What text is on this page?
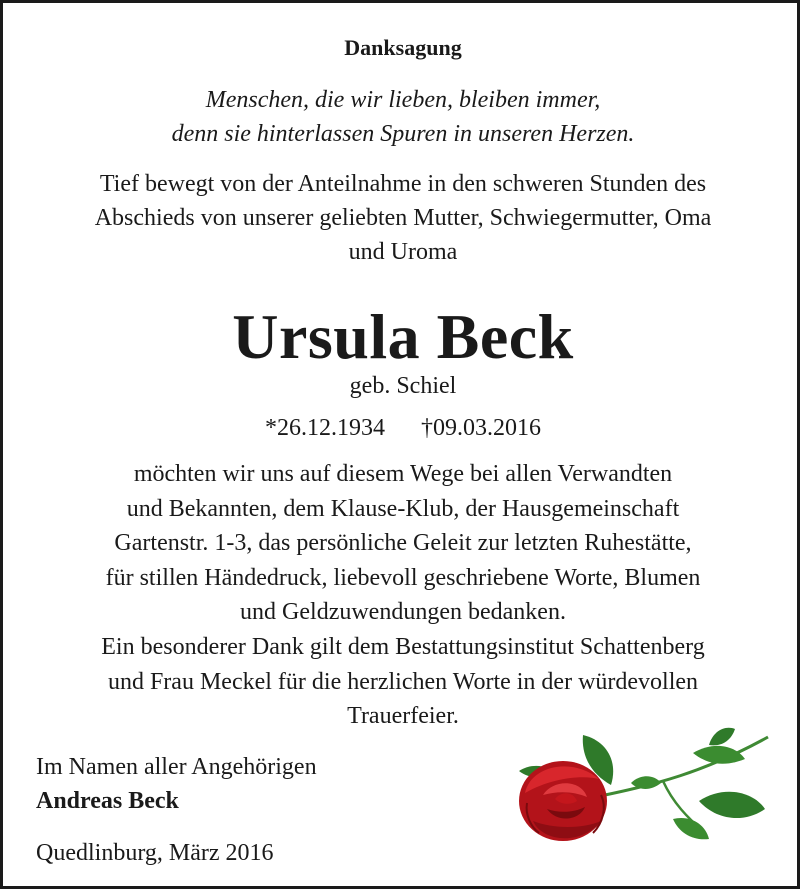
Danksagung
Menschen, die wir lieben, bleiben immer,
denn sie hinterlassen Spuren in unseren Herzen.
Tief bewegt von der Anteilnahme in den schweren Stunden des
Abschieds von unserer geliebten Mutter, Schwiegermutter, Oma
und Uroma
Ursula Beck
geb. Schiel
*26.12.1934 †09.03.2016
möchten wir uns auf diesem Wege bei allen Verwandten
und Bekannten, dem Klause-Klub, der Hausgemeinschaft
Gartenstr. 1-3, das persönliche Geleit zur letzten Ruhestätte,
für stillen Händedruck, liebevoll geschriebene Worte, Blumen
und Geldzuwendungen bedanken.
Ein besonderer Dank gilt dem Bestattungsinstitut Schattenberg
und Frau Meckel für die herzlichen Worte in der würdevollen
Trauerfeier.
Im Namen aller Angehörigen
Andreas Beck
Quedlinburg, März 2016
